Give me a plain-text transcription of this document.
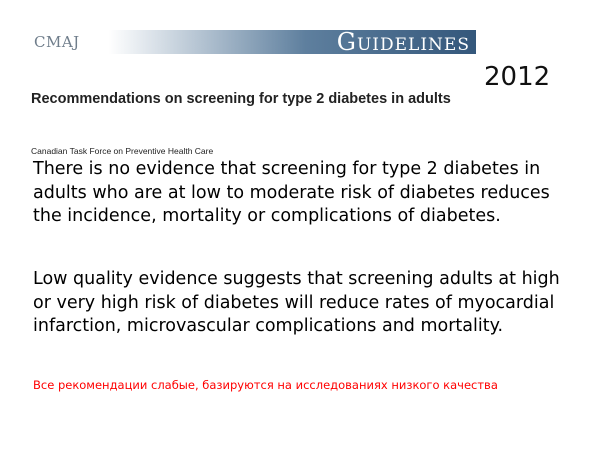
CMAJ	Guidelines
2012
Recommendations on screening for type 2 diabetes in adults
Canadian Task Force on Preventive Health Care
There is no evidence that screening for type 2 diabetes in adults who are at low to moderate risk of diabetes reduces the incidence, mortality or complications of diabetes.
Low quality evidence suggests that screening adults at high or very high risk of diabetes will reduce rates of myocardial infarction, microvascular complications and mortality.
Все рекомендации слабые, базируются на исследованиях низкого качества
